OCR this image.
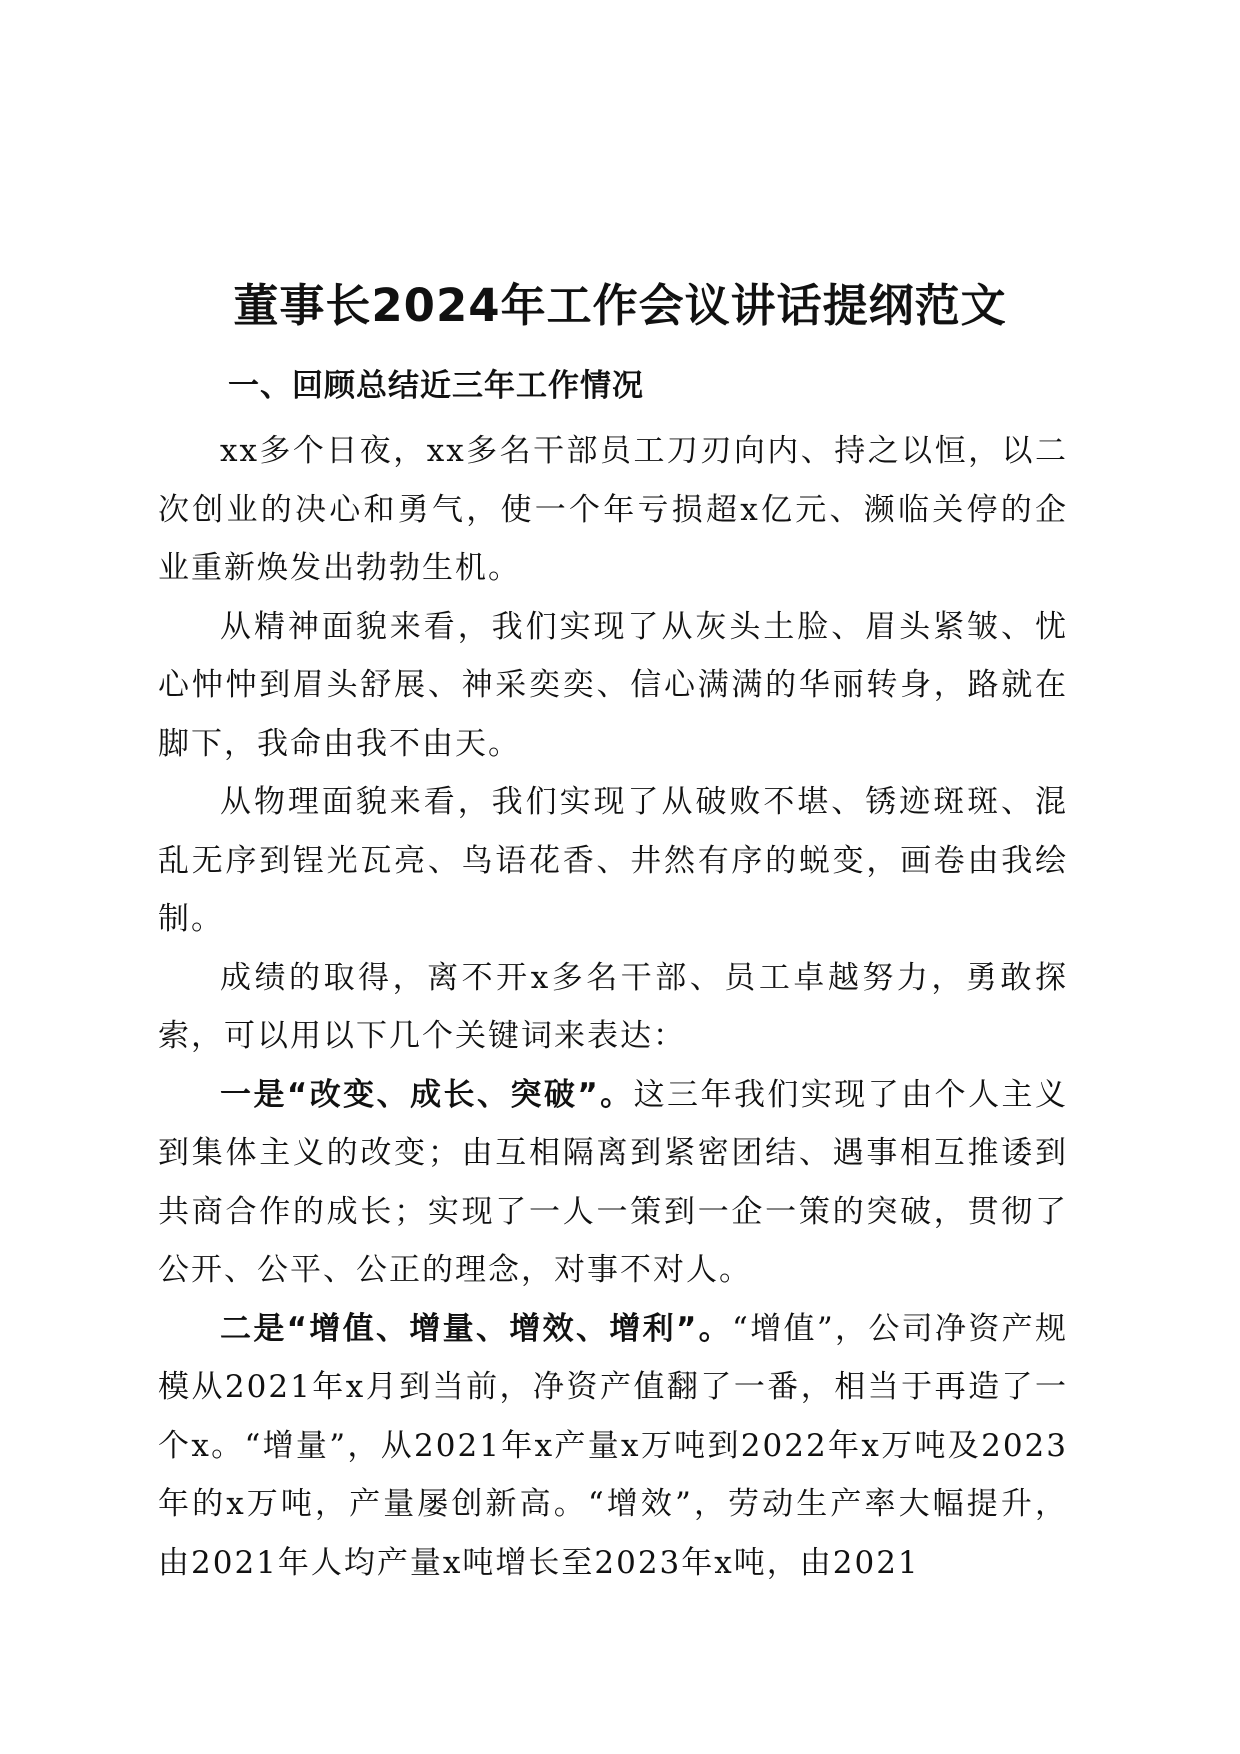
董事长2024年工作会议讲话提纲范文
一、回顾总结近三年工作情况

xx多个日夜，xx多名干部员工刀刃向内、持之以恒，以二次创业的决心和勇气，使一个年亏损超x亿元、濒临关停的企业重新焕发出勃勃生机。

从精神面貌来看，我们实现了从灰头土脸、眉头紧皱、忧心忡忡到眉头舒展、神采奕奕、信心满满的华丽转身，路就在脚下，我命由我不由天。

从物理面貌来看，我们实现了从破败不堪、锈迹斑斑、混乱无序到锃光瓦亮、鸟语花香、井然有序的蜕变，画卷由我绘制。

成绩的取得，离不开x多名干部、员工卓越努力，勇敢探索，可以用以下几个关键词来表达：

一是“改变、成长、突破”。这三年我们实现了由个人主义到集体主义的改变；由互相隔离到紧密团结、遇事相互推诿到共商合作的成长；实现了一人一策到一企一策的突破，贯彻了公开、公平、公正的理念，对事不对人。

二是“增值、增量、增效、增利”。“增值”，公司净资产规模从2021年x月到当前，净资产值翻了一番，相当于再造了一个x。“增量”，从2021年x产量x万吨到2022年x万吨及2023年的x万吨，产量屡创新高。“增效”，劳动生产率大幅提升，由2021年人均产量x吨增长至2023年x吨，由2021
